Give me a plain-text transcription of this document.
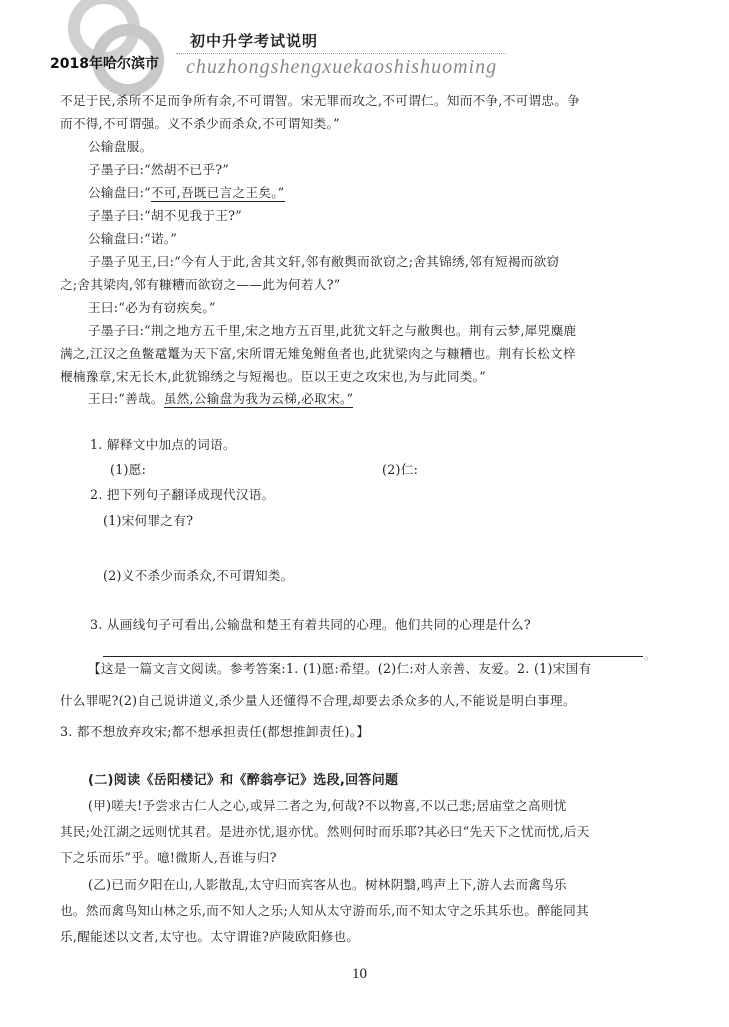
初中升学考试说明
2018年哈尔滨市 chuzhongshengxuekaoshishuoming
不足于民,杀所不足而争所有余,不可谓智。宋无罪而攻之,不可谓仁。知而不争,不可谓忠。争
而不得,不可谓强。义不杀少而杀众,不可谓知类。”
公输盘服。
子墨子曰:“然胡不已乎?”
公输盘曰:“不可,吾既已言之王矣。”
子墨子曰:“胡不见我于王?”
公输盘曰:“诺。”
子墨子见王,曰:“今有人于此,舍其文轩,邻有敝舆而欲窃之;舍其锦绣,邻有短褐而欲窃
之;舍其梁肉,邻有糠糟而欲窃之——此为何若人?”
王曰:“必为有窃疾矣。”
子墨子曰:“荆之地方五千里,宋之地方五百里,此犹文轩之与敝舆也。荆有云梦,犀兕麋鹿
满之,江汉之鱼鳖鼋鼍为天下富,宋所谓无雉兔鲋鱼者也,此犹梁肉之与糠糟也。荆有长松文梓
楩楠豫章,宋无长木,此犹锦绣之与短褐也。臣以王吏之攻宋也,为与此同类。”
王曰:“善哉。虽然,公输盘为我为云梯,必取宋。”
1. 解释文中加点的词语。
(1)愿:	(2)仁:
2. 把下列句子翻译成现代汉语。
(1)宋何罪之有?
(2)义不杀少而杀众,不可谓知类。
3. 从画线句子可看出,公输盘和楚王有着共同的心理。他们共同的心理是什么?
。
【这是一篇文言文阅读。参考答案:1. (1)愿:希望。(2)仁:对人亲善、友爱。2. (1)宋国有
什么罪呢?(2)自己说讲道义,杀少量人还懂得不合理,却要去杀众多的人,不能说是明白事理。
3. 都不想放弃攻宋;都不想承担责任(都想推卸责任)。】
(二)阅读《岳阳楼记》和《醉翁亭记》选段,回答问题
(甲)嗟夫!予尝求古仁人之心,或异二者之为,何哉?不以物喜,不以己悲;居庙堂之高则忧
其民;处江湖之远则忧其君。是进亦忧,退亦忧。然则何时而乐耶?其必曰“先天下之忧而忧,后天
下之乐而乐”乎。噫!微斯人,吾谁与归?
(乙)已而夕阳在山,人影散乱,太守归而宾客从也。树林阴翳,鸣声上下,游人去而禽鸟乐
也。然而禽鸟知山林之乐,而不知人之乐;人知从太守游而乐,而不知太守之乐其乐也。醉能同其
乐,醒能述以文者,太守也。太守谓谁?庐陵欧阳修也。
10
